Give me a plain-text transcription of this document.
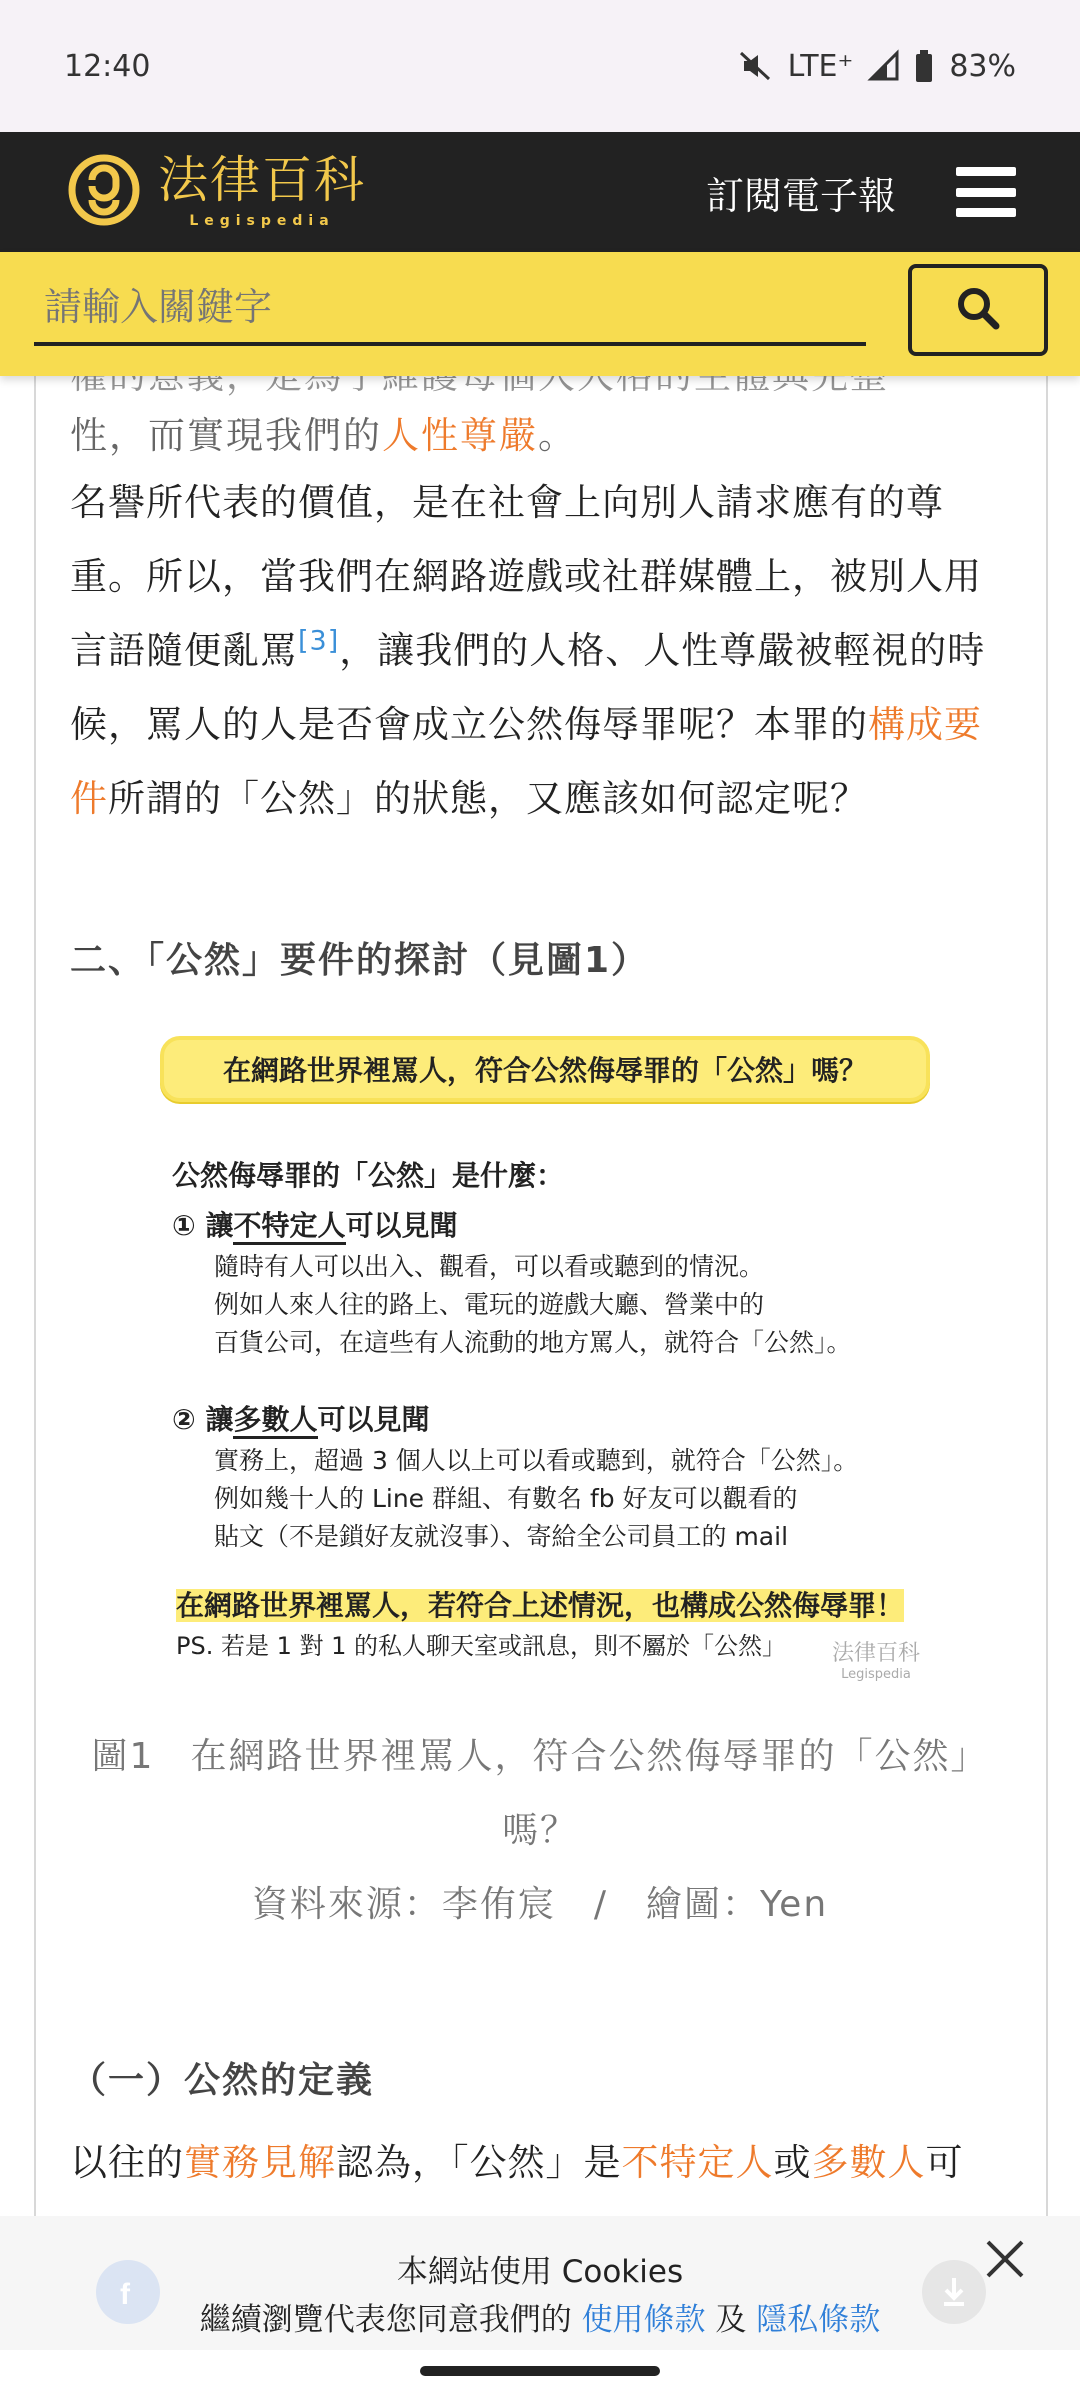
12:40	LTE⁺	83%
法律百科
Legispedia
訂閱電子報
請輸入關鍵字
性，而實現我們的人性尊嚴。

名譽所代表的價值，是在社會上向別人請求應有的尊重。所以，當我們在網路遊戲或社群媒體上，被別人用言語隨便亂罵[3]，讓我們的人格、人性尊嚴被輕視的時候，罵人的人是否會成立公然侮辱罪呢？本罪的構成要件所謂的「公然」的狀態，又應該如何認定呢？

二、「公然」要件的探討（見圖1）
在網路世界裡罵人，符合公然侮辱罪的「公然」嗎？
公然侮辱罪的「公然」是什麼：
① 讓不特定人可以見聞
隨時有人可以出入、觀看，可以看或聽到的情況。
例如人來人往的路上、電玩的遊戲大廳、營業中的
百貨公司，在這些有人流動的地方罵人，就符合「公然」。
② 讓多數人可以見聞
實務上，超過 3 個人以上可以看或聽到，就符合「公然」。
例如幾十人的 Line 群組、有數名 fb 好友可以觀看的
貼文（不是鎖好友就沒事）、寄給全公司員工的 mail
在網路世界裡罵人，若符合上述情況，也構成公然侮辱罪！
PS. 若是 1 對 1 的私人聊天室或訊息，則不屬於「公然」 法律百科
Legispedia
圖1 在網路世界裡罵人，符合公然侮辱罪的「公然」嗎？
資料來源：李侑宸　/　繪圖：Yen
（一）公然的定義

以往的實務見解認為，「公然」是不特定人或多數人可

f
本網站使用 Cookies
繼續瀏覽代表您同意我們的 使用條款 及 隱私條款
